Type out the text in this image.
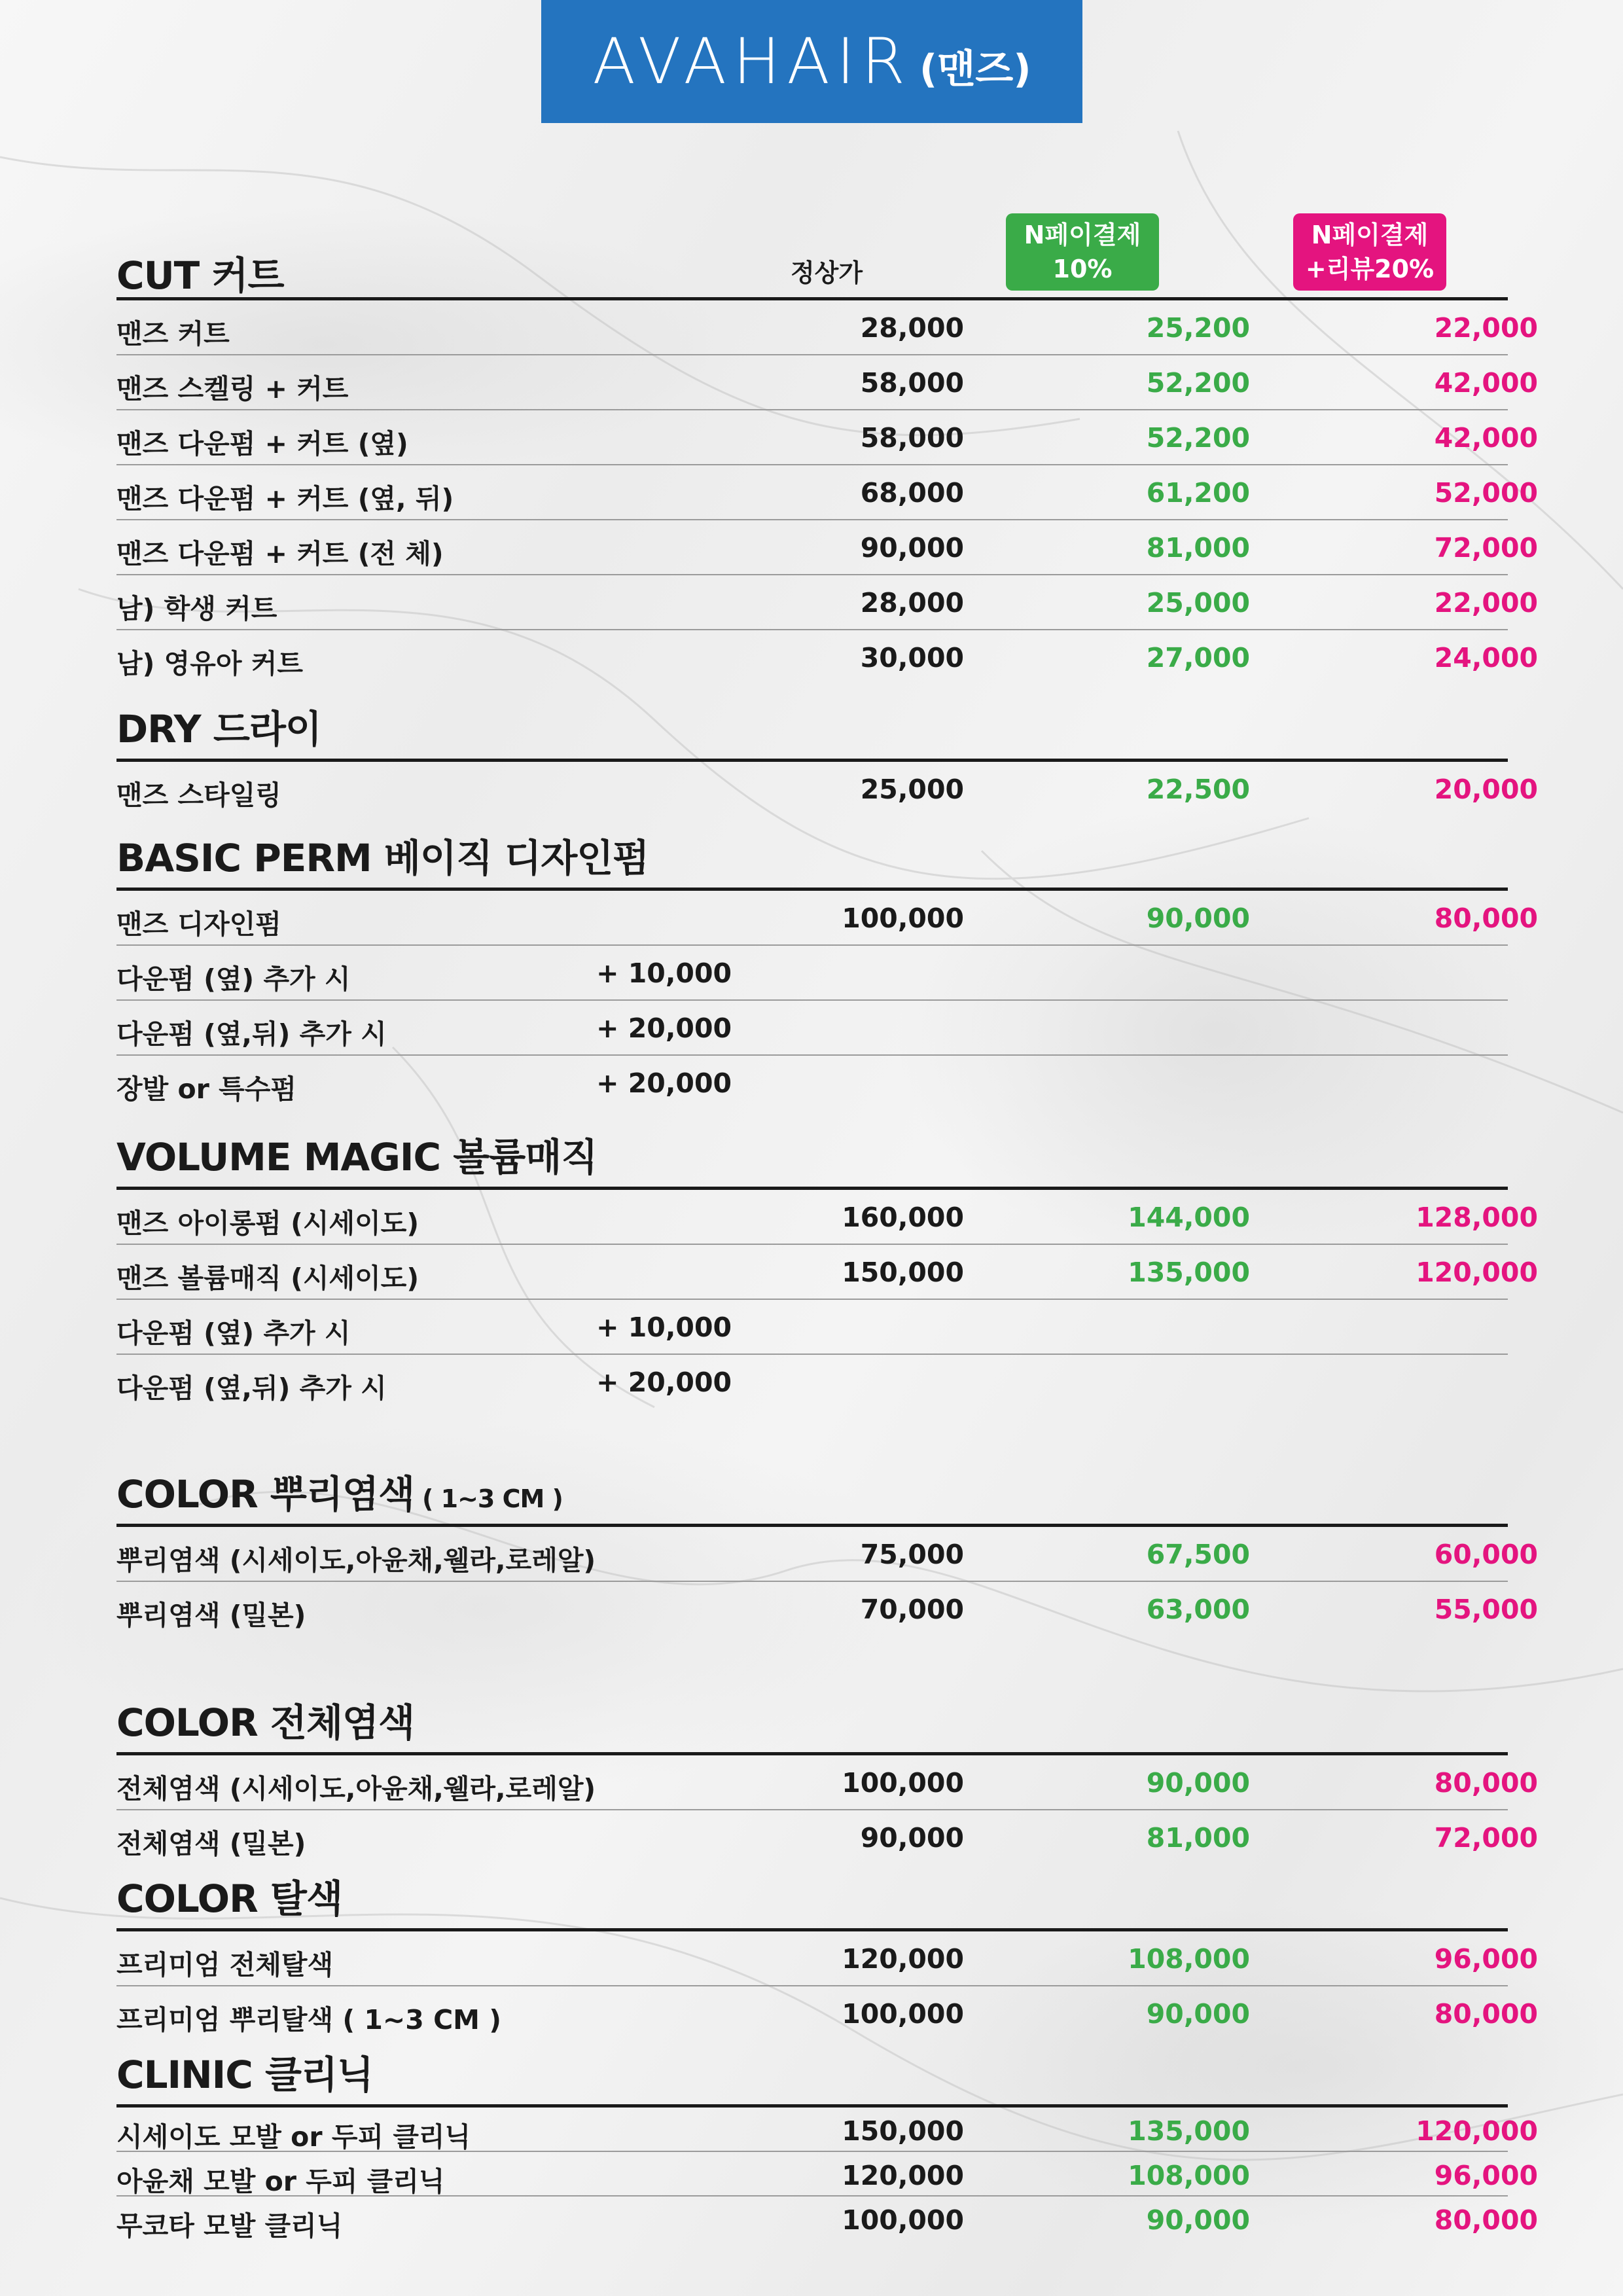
AVAHAIR (맨즈)
CUT 커트	정상가
N페이결제
10%
N페이결제
+리뷰20%
맨즈 커트	28,000	25,200	22,000
맨즈 스켈링 + 커트	58,000	52,200	42,000
맨즈 다운펌 + 커트 (옆)	58,000	52,200	42,000
맨즈 다운펌 + 커트 (옆, 뒤)	68,000	61,200	52,000
맨즈 다운펌 + 커트 (전 체)	90,000	81,000	72,000
남) 학생 커트	28,000	25,000	22,000
남) 영유아 커트	30,000	27,000	24,000
DRY 드라이
맨즈 스타일링	25,000	22,500	20,000
BASIC PERM 베이직 디자인펌
맨즈 디자인펌	100,000	90,000	80,000
다운펌 (옆) 추가 시	+ 10,000
다운펌 (옆,뒤) 추가 시	+ 20,000
장발 or 특수펌	+ 20,000
VOLUME MAGIC 볼륨매직
맨즈 아이롱펌 (시세이도)	160,000	144,000	128,000
맨즈 볼륨매직 (시세이도)	150,000	135,000	120,000
다운펌 (옆) 추가 시	+ 10,000
다운펌 (옆,뒤) 추가 시	+ 20,000
COLOR 뿌리염색 ( 1~3 CM )
뿌리염색 (시세이도,아윤채,웰라,로레알)	75,000	67,500	60,000
뿌리염색 (밀본)	70,000	63,000	55,000
COLOR 전체염색
전체염색 (시세이도,아윤채,웰라,로레알)	100,000	90,000	80,000
전체염색 (밀본)	90,000	81,000	72,000
COLOR 탈색
프리미엄 전체탈색	120,000	108,000	96,000
프리미엄 뿌리탈색 ( 1~3 CM )	100,000	90,000	80,000
CLINIC 클리닉
시세이도 모발 or 두피 클리닉	150,000	135,000	120,000
아윤채 모발 or 두피 클리닉	120,000	108,000	96,000
무코타 모발 클리닉	100,000	90,000	80,000
